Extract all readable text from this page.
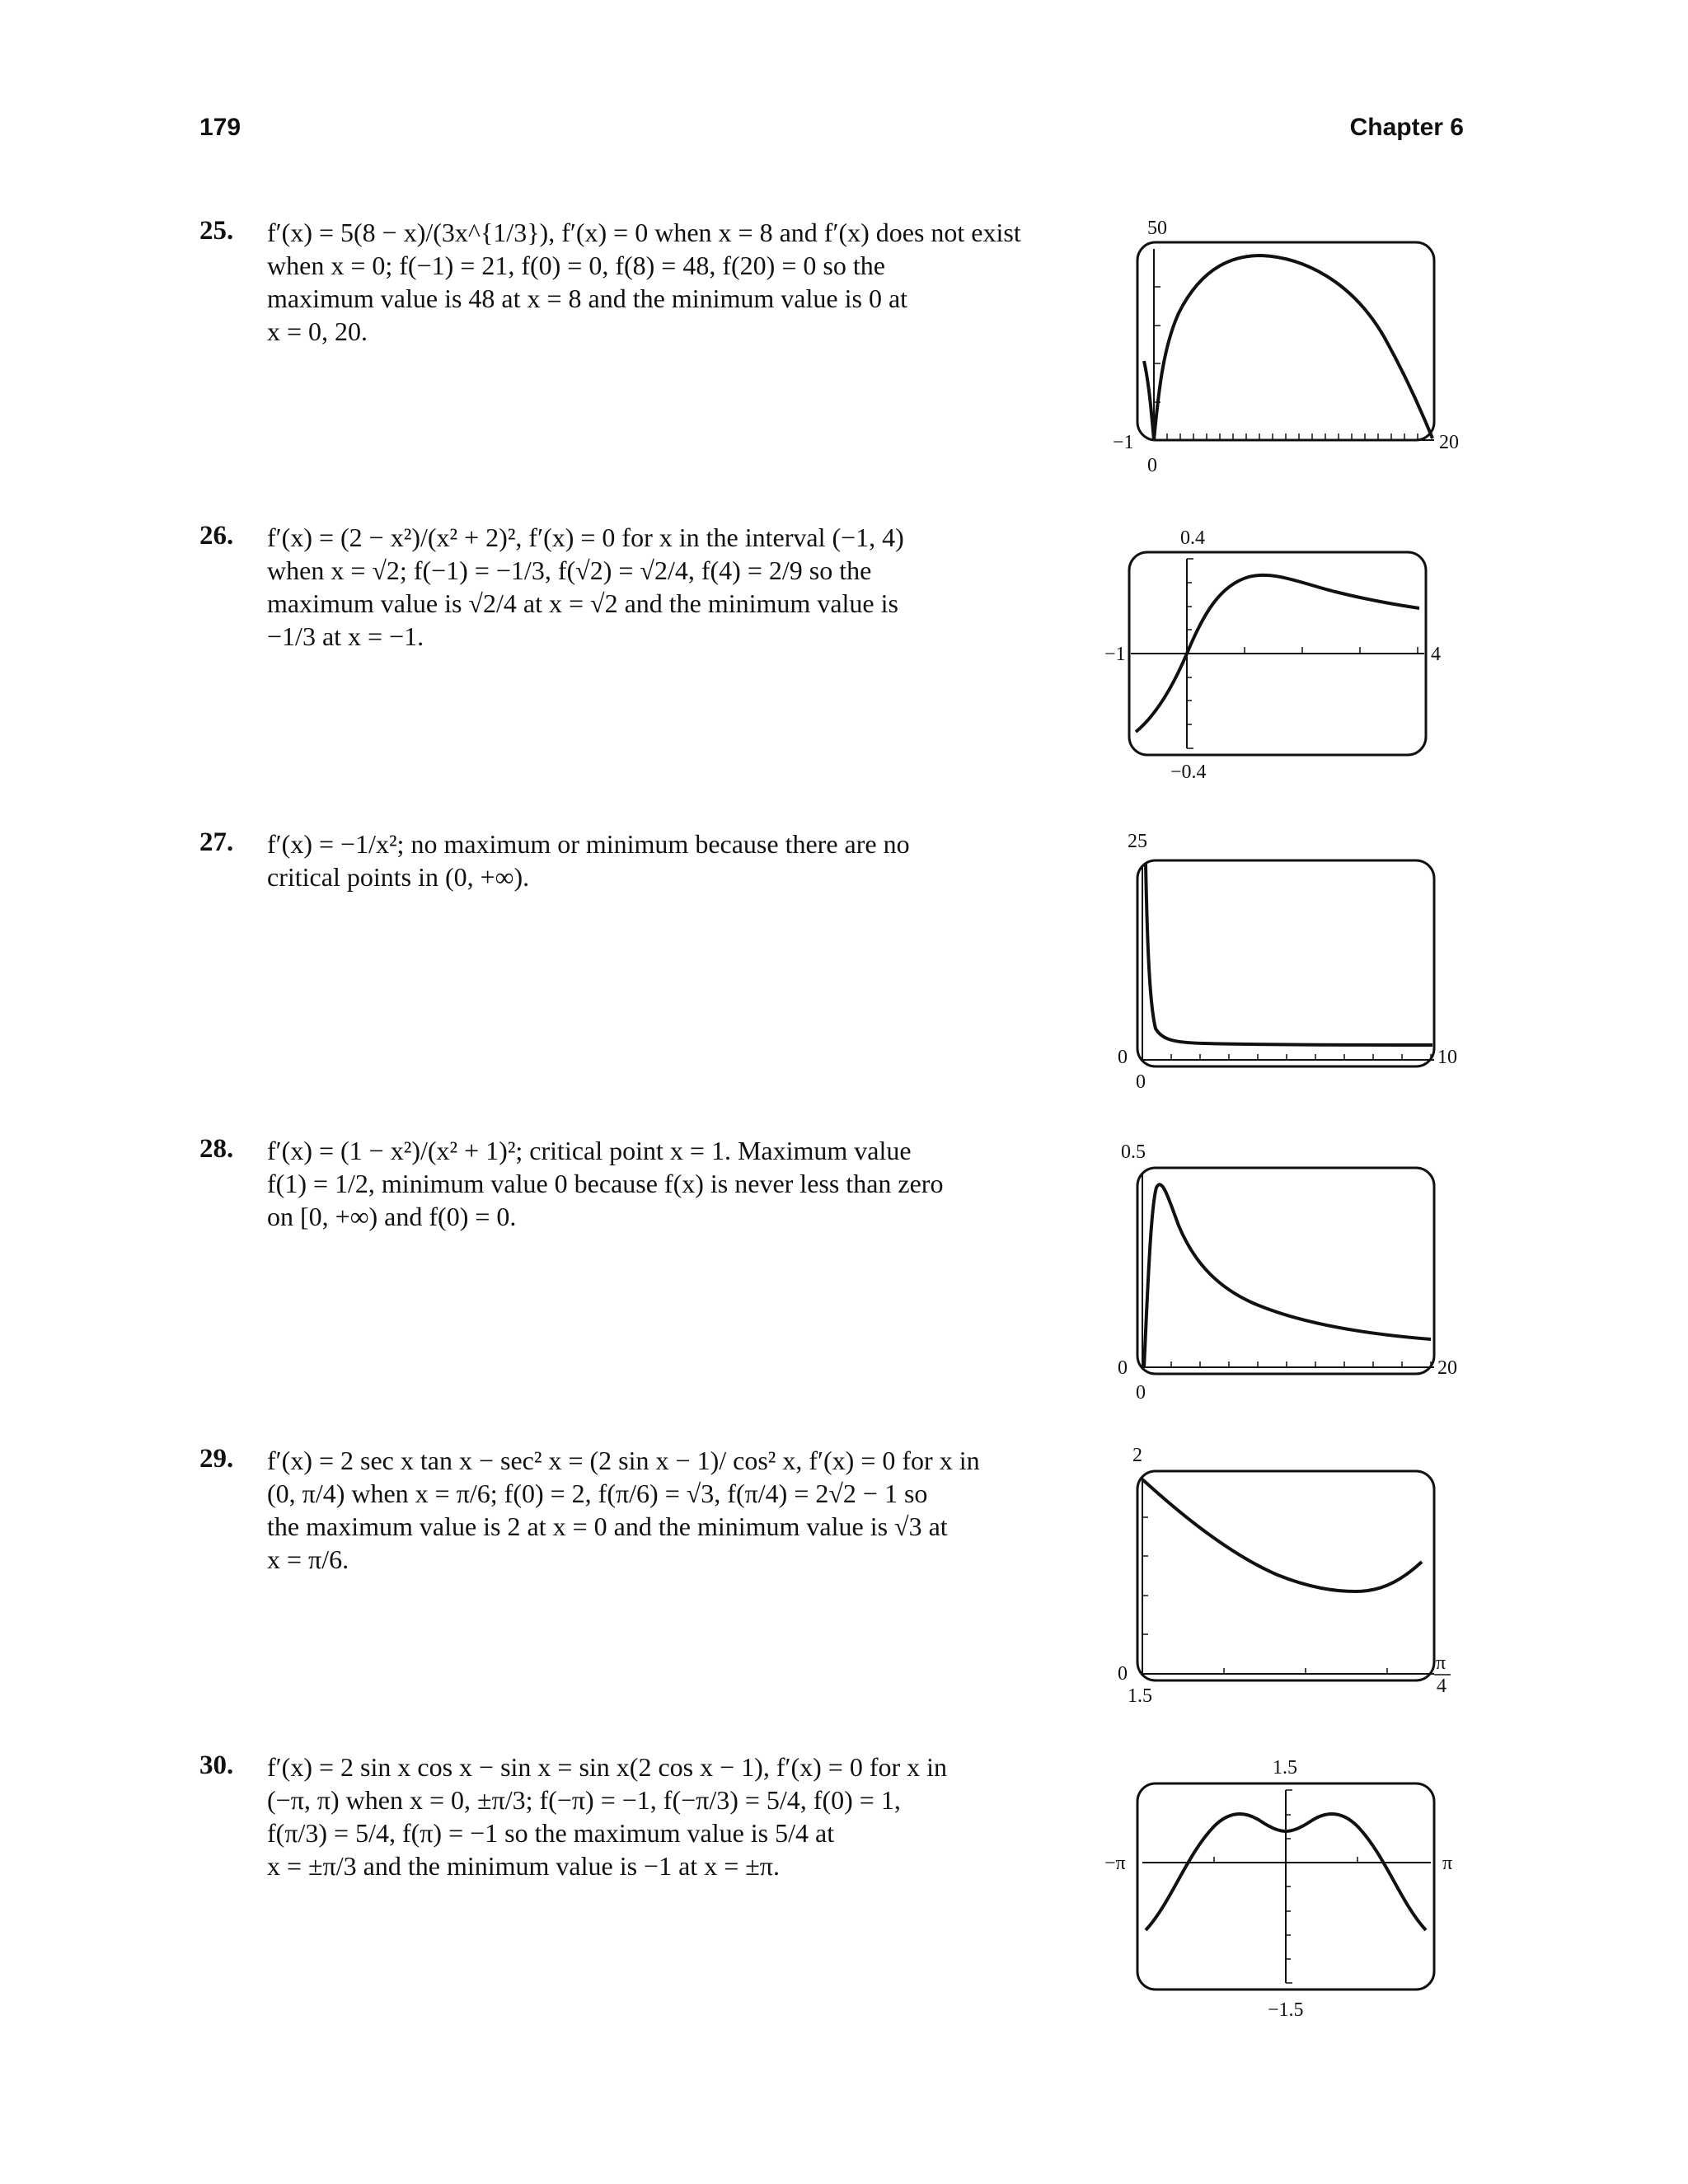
179	Chapter 6
25. f′(x) = 5(8 − x)/(3x^{1/3}), f′(x) = 0 when x = 8 and f′(x) does not exist
when x = 0; f(−1) = 21, f(0) = 0, f(8) = 48, f(20) = 0 so the
maximum value is 48 at x = 8 and the minimum value is 0 at
x = 0, 20.
50
−1	20
0
26. f′(x) = (2 − x²)/(x² + 2)², f′(x) = 0 for x in the interval (−1, 4)
when x = √2; f(−1) = −1/3, f(√2) = √2/4, f(4) = 2/9 so the
maximum value is √2/4 at x = √2 and the minimum value is
−1/3 at x = −1.
0.4
−1	4
−0.4
27. f′(x) = −1/x²; no maximum or minimum because there are no
critical points in (0, +∞).
25
0	10
0
28. f′(x) = (1 − x²)/(x² + 1)²; critical point x = 1. Maximum value
f(1) = 1/2, minimum value 0 because f(x) is never less than zero
on [0, +∞) and f(0) = 0.
0.5
0	20
0
29. f′(x) = 2 sec x tan x − sec² x = (2 sin x − 1)/ cos² x, f′(x) = 0 for x in
(0, π/4) when x = π/6; f(0) = 2, f(π/6) = √3, f(π/4) = 2√2 − 1 so
the maximum value is 2 at x = 0 and the minimum value is √3 at
x = π/6.
2
0	π
4
1.5
30. f′(x) = 2 sin x cos x − sin x = sin x(2 cos x − 1), f′(x) = 0 for x in
(−π, π) when x = 0, ±π/3; f(−π) = −1, f(−π/3) = 5/4, f(0) = 1,
f(π/3) = 5/4, f(π) = −1 so the maximum value is 5/4 at
x = ±π/3 and the minimum value is −1 at x = ±π.
1.5
−π	π
−1.5
